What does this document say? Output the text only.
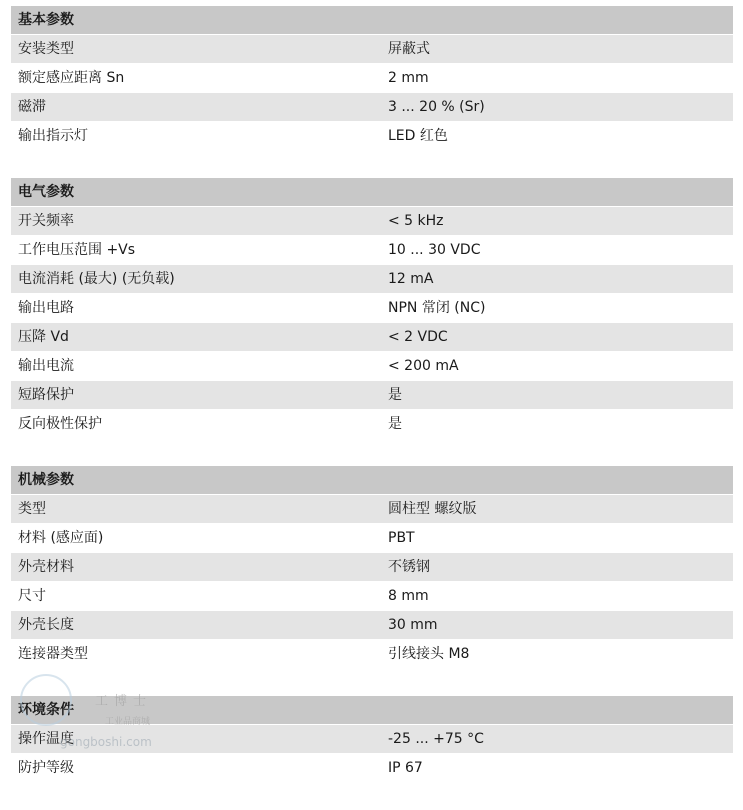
基本参数
安装类型	屏蔽式
额定感应距离 Sn	2 mm
磁滞	3 ... 20 % (Sr)
输出指示灯	LED 红色
电气参数
开关频率	< 5 kHz
工作电压范围 +Vs	10 ... 30 VDC
电流消耗 (最大) (无负载)	12 mA
输出电路	NPN 常闭 (NC)
压降 Vd	< 2 VDC
输出电流	< 200 mA
短路保护	是
反向极性保护	是
机械参数
类型	圆柱型 螺纹版
材料 (感应面)	PBT
外壳材料	不锈钢
尺寸	8 mm
外壳长度	30 mm
连接器类型	引线接头 M8
环境条件
操作温度	-25 ... +75 °C
防护等级	IP 67
工博士
工业品商城
gongboshi.com
